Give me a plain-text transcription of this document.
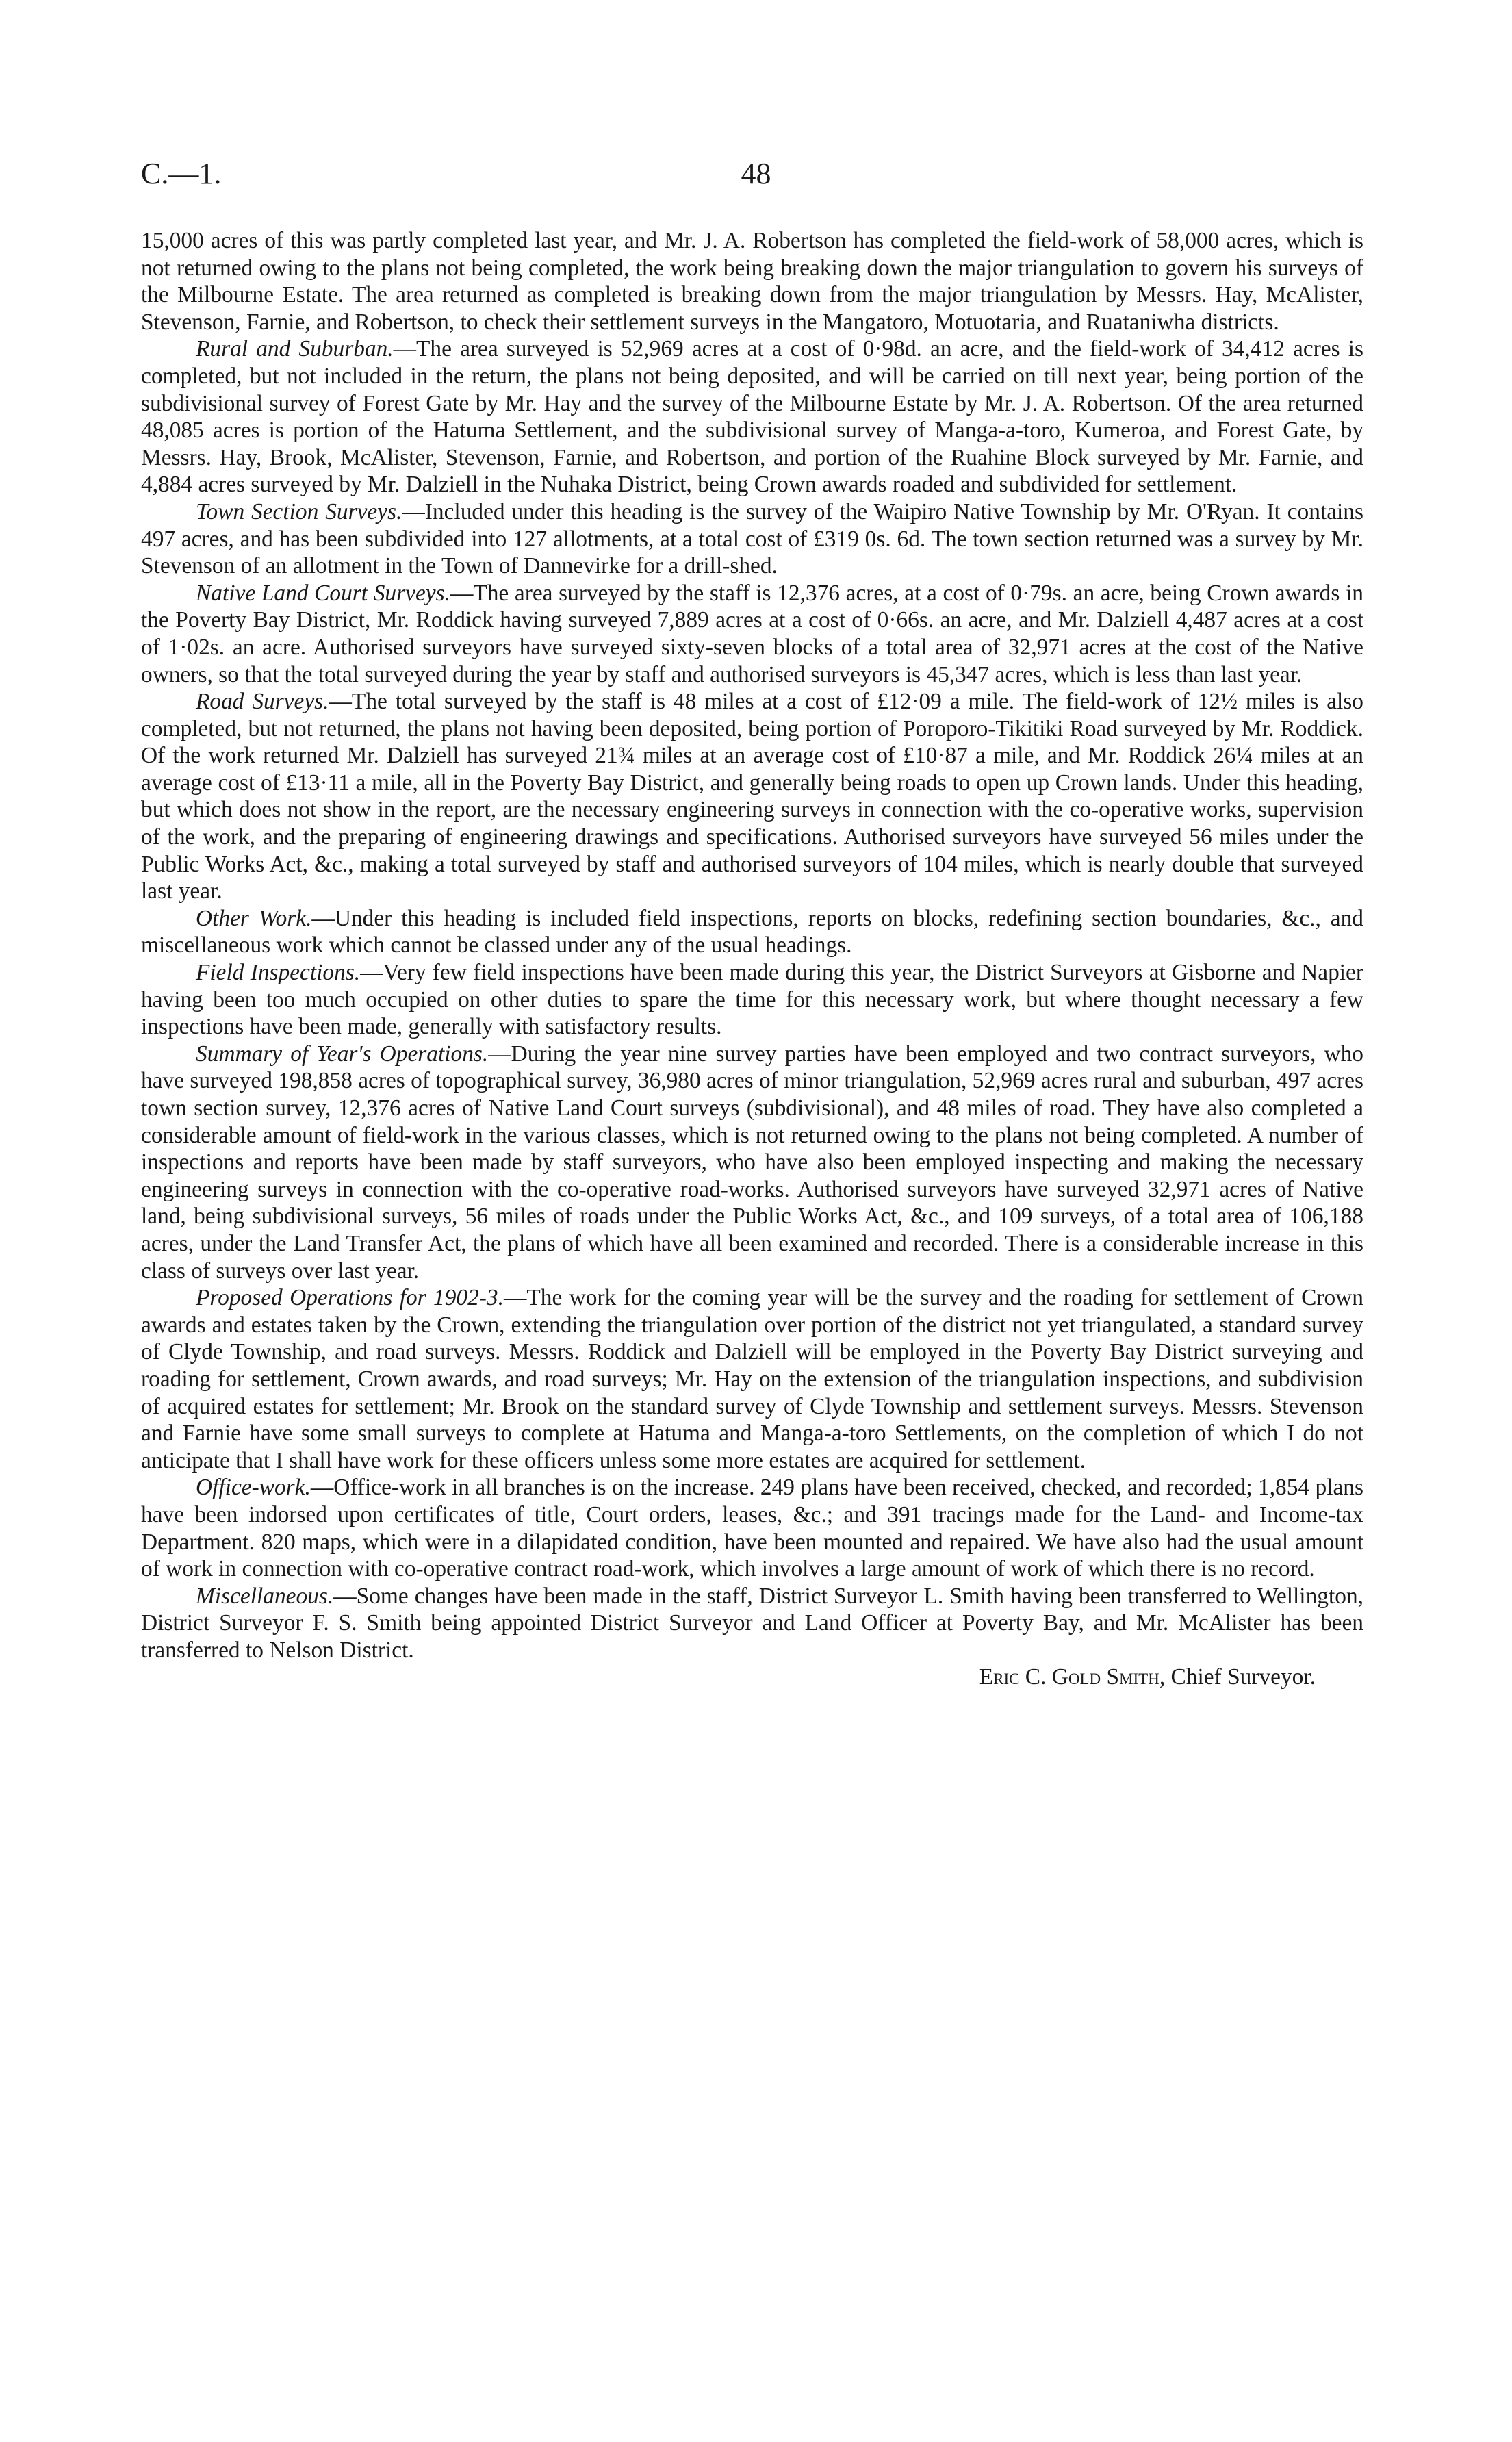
C.—1.	48

15,000 acres of this was partly completed last year, and Mr. J. A. Robertson has completed the field-work of 58,000 acres, which is not returned owing to the plans not being completed, the work being breaking down the major triangulation to govern his surveys of the Milbourne Estate. The area returned as completed is breaking down from the major triangulation by Messrs. Hay, McAlister, Stevenson, Farnie, and Robertson, to check their settlement surveys in the Mangatoro, Motuotaria, and Ruataniwha districts.

Rural and Suburban.—The area surveyed is 52,969 acres at a cost of 0·98d. an acre, and the field-work of 34,412 acres is completed, but not included in the return, the plans not being deposited, and will be carried on till next year, being portion of the subdivisional survey of Forest Gate by Mr. Hay and the survey of the Milbourne Estate by Mr. J. A. Robertson. Of the area returned 48,085 acres is portion of the Hatuma Settlement, and the subdivisional survey of Manga-a-toro, Kumeroa, and Forest Gate, by Messrs. Hay, Brook, McAlister, Stevenson, Farnie, and Robertson, and portion of the Ruahine Block surveyed by Mr. Farnie, and 4,884 acres surveyed by Mr. Dalziell in the Nuhaka District, being Crown awards roaded and subdivided for settlement.

Town Section Surveys.—Included under this heading is the survey of the Waipiro Native Township by Mr. O'Ryan. It contains 497 acres, and has been subdivided into 127 allotments, at a total cost of £319 0s. 6d. The town section returned was a survey by Mr. Stevenson of an allotment in the Town of Dannevirke for a drill-shed.

Native Land Court Surveys.—The area surveyed by the staff is 12,376 acres, at a cost of 0·79s. an acre, being Crown awards in the Poverty Bay District, Mr. Roddick having surveyed 7,889 acres at a cost of 0·66s. an acre, and Mr. Dalziell 4,487 acres at a cost of 1·02s. an acre. Authorised surveyors have surveyed sixty-seven blocks of a total area of 32,971 acres at the cost of the Native owners, so that the total surveyed during the year by staff and authorised surveyors is 45,347 acres, which is less than last year.

Road Surveys.—The total surveyed by the staff is 48 miles at a cost of £12·09 a mile. The field-work of 12½ miles is also completed, but not returned, the plans not having been deposited, being portion of Poroporo-Tikitiki Road surveyed by Mr. Roddick. Of the work returned Mr. Dalziell has surveyed 21¾ miles at an average cost of £10·87 a mile, and Mr. Roddick 26¼ miles at an average cost of £13·11 a mile, all in the Poverty Bay District, and generally being roads to open up Crown lands. Under this heading, but which does not show in the report, are the necessary engineering surveys in connection with the co-operative works, supervision of the work, and the preparing of engineering drawings and specifications. Authorised surveyors have surveyed 56 miles under the Public Works Act, &c., making a total surveyed by staff and authorised surveyors of 104 miles, which is nearly double that surveyed last year.

Other Work.—Under this heading is included field inspections, reports on blocks, redefining section boundaries, &c., and miscellaneous work which cannot be classed under any of the usual headings.

Field Inspections.—Very few field inspections have been made during this year, the District Surveyors at Gisborne and Napier having been too much occupied on other duties to spare the time for this necessary work, but where thought necessary a few inspections have been made, generally with satisfactory results.

Summary of Year's Operations.—During the year nine survey parties have been employed and two contract surveyors, who have surveyed 198,858 acres of topographical survey, 36,980 acres of minor triangulation, 52,969 acres rural and suburban, 497 acres town section survey, 12,376 acres of Native Land Court surveys (subdivisional), and 48 miles of road. They have also completed a considerable amount of field-work in the various classes, which is not returned owing to the plans not being completed. A number of inspections and reports have been made by staff surveyors, who have also been employed inspecting and making the necessary engineering surveys in connection with the co-operative road-works. Authorised surveyors have surveyed 32,971 acres of Native land, being subdivisional surveys, 56 miles of roads under the Public Works Act, &c., and 109 surveys, of a total area of 106,188 acres, under the Land Transfer Act, the plans of which have all been examined and recorded. There is a considerable increase in this class of surveys over last year.

Proposed Operations for 1902-3.—The work for the coming year will be the survey and the roading for settlement of Crown awards and estates taken by the Crown, extending the triangulation over portion of the district not yet triangulated, a standard survey of Clyde Township, and road surveys. Messrs. Roddick and Dalziell will be employed in the Poverty Bay District surveying and roading for settlement, Crown awards, and road surveys; Mr. Hay on the extension of the triangulation inspections, and subdivision of acquired estates for settlement; Mr. Brook on the standard survey of Clyde Township and settlement surveys. Messrs. Stevenson and Farnie have some small surveys to complete at Hatuma and Manga-a-toro Settlements, on the completion of which I do not anticipate that I shall have work for these officers unless some more estates are acquired for settlement.

Office-work.—Office-work in all branches is on the increase. 249 plans have been received, checked, and recorded; 1,854 plans have been indorsed upon certificates of title, Court orders, leases, &c.; and 391 tracings made for the Land- and Income-tax Department. 820 maps, which were in a dilapidated condition, have been mounted and repaired. We have also had the usual amount of work in connection with co-operative contract road-work, which involves a large amount of work of which there is no record.

Miscellaneous.—Some changes have been made in the staff, District Surveyor L. Smith having been transferred to Wellington, District Surveyor F. S. Smith being appointed District Surveyor and Land Officer at Poverty Bay, and Mr. McAlister has been transferred to Nelson District.

Eric C. Gold Smith, Chief Surveyor.
